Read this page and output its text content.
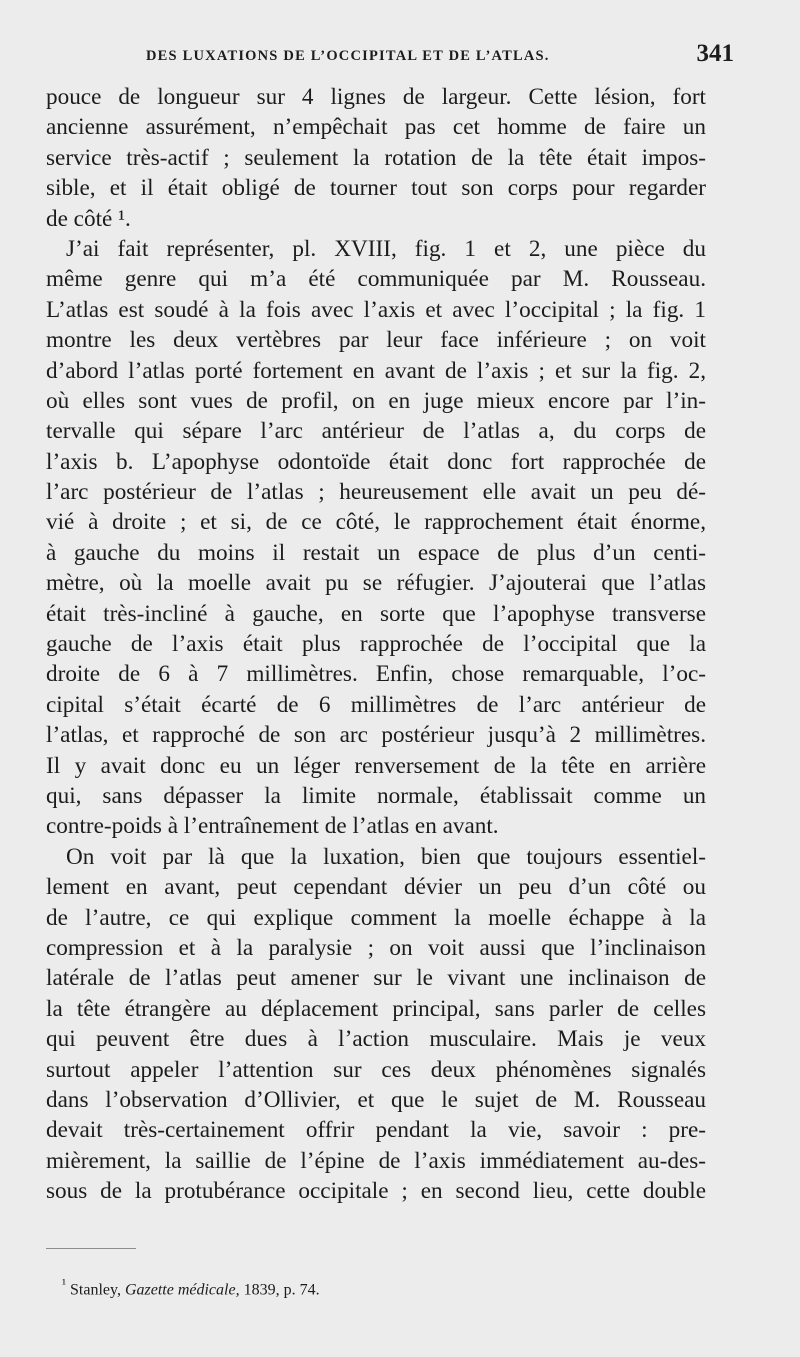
DES LUXATIONS DE L’OCCIPITAL ET DE L’ATLAS.	341
pouce de longueur sur 4 lignes de largeur. Cette lésion, fort
ancienne assurément, n’empêchait pas cet homme de faire un
service très-actif ; seulement la rotation de la tête était impos-
sible, et il était obligé de tourner tout son corps pour regarder
de côté ¹.
J’ai fait représenter, pl. XVIII, fig. 1 et 2, une pièce du
même genre qui m’a été communiquée par M. Rousseau.
L’atlas est soudé à la fois avec l’axis et avec l’occipital ; la fig. 1
montre les deux vertèbres par leur face inférieure ; on voit
d’abord l’atlas porté fortement en avant de l’axis ; et sur la fig. 2,
où elles sont vues de profil, on en juge mieux encore par l’in-
tervalle qui sépare l’arc antérieur de l’atlas a, du corps de
l’axis b. L’apophyse odontoïde était donc fort rapprochée de
l’arc postérieur de l’atlas ; heureusement elle avait un peu dé-
vié à droite ; et si, de ce côté, le rapprochement était énorme,
à gauche du moins il restait un espace de plus d’un centi-
mètre, où la moelle avait pu se réfugier. J’ajouterai que l’atlas
était très-incliné à gauche, en sorte que l’apophyse transverse
gauche de l’axis était plus rapprochée de l’occipital que la
droite de 6 à 7 millimètres. Enfin, chose remarquable, l’oc-
cipital s’était écarté de 6 millimètres de l’arc antérieur de
l’atlas, et rapproché de son arc postérieur jusqu’à 2 millimètres.
Il y avait donc eu un léger renversement de la tête en arrière
qui, sans dépasser la limite normale, établissait comme un
contre-poids à l’entraînement de l’atlas en avant.
On voit par là que la luxation, bien que toujours essentiel-
lement en avant, peut cependant dévier un peu d’un côté ou
de l’autre, ce qui explique comment la moelle échappe à la
compression et à la paralysie ; on voit aussi que l’inclinaison
latérale de l’atlas peut amener sur le vivant une inclinaison de
la tête étrangère au déplacement principal, sans parler de celles
qui peuvent être dues à l’action musculaire. Mais je veux
surtout appeler l’attention sur ces deux phénomènes signalés
dans l’observation d’Ollivier, et que le sujet de M. Rousseau
devait très-certainement offrir pendant la vie, savoir : pre-
mièrement, la saillie de l’épine de l’axis immédiatement au-des-
sous de la protubérance occipitale ; en second lieu, cette double
$^{^1}$ Stanley, Gazette médicale, 1839, p. 74.
